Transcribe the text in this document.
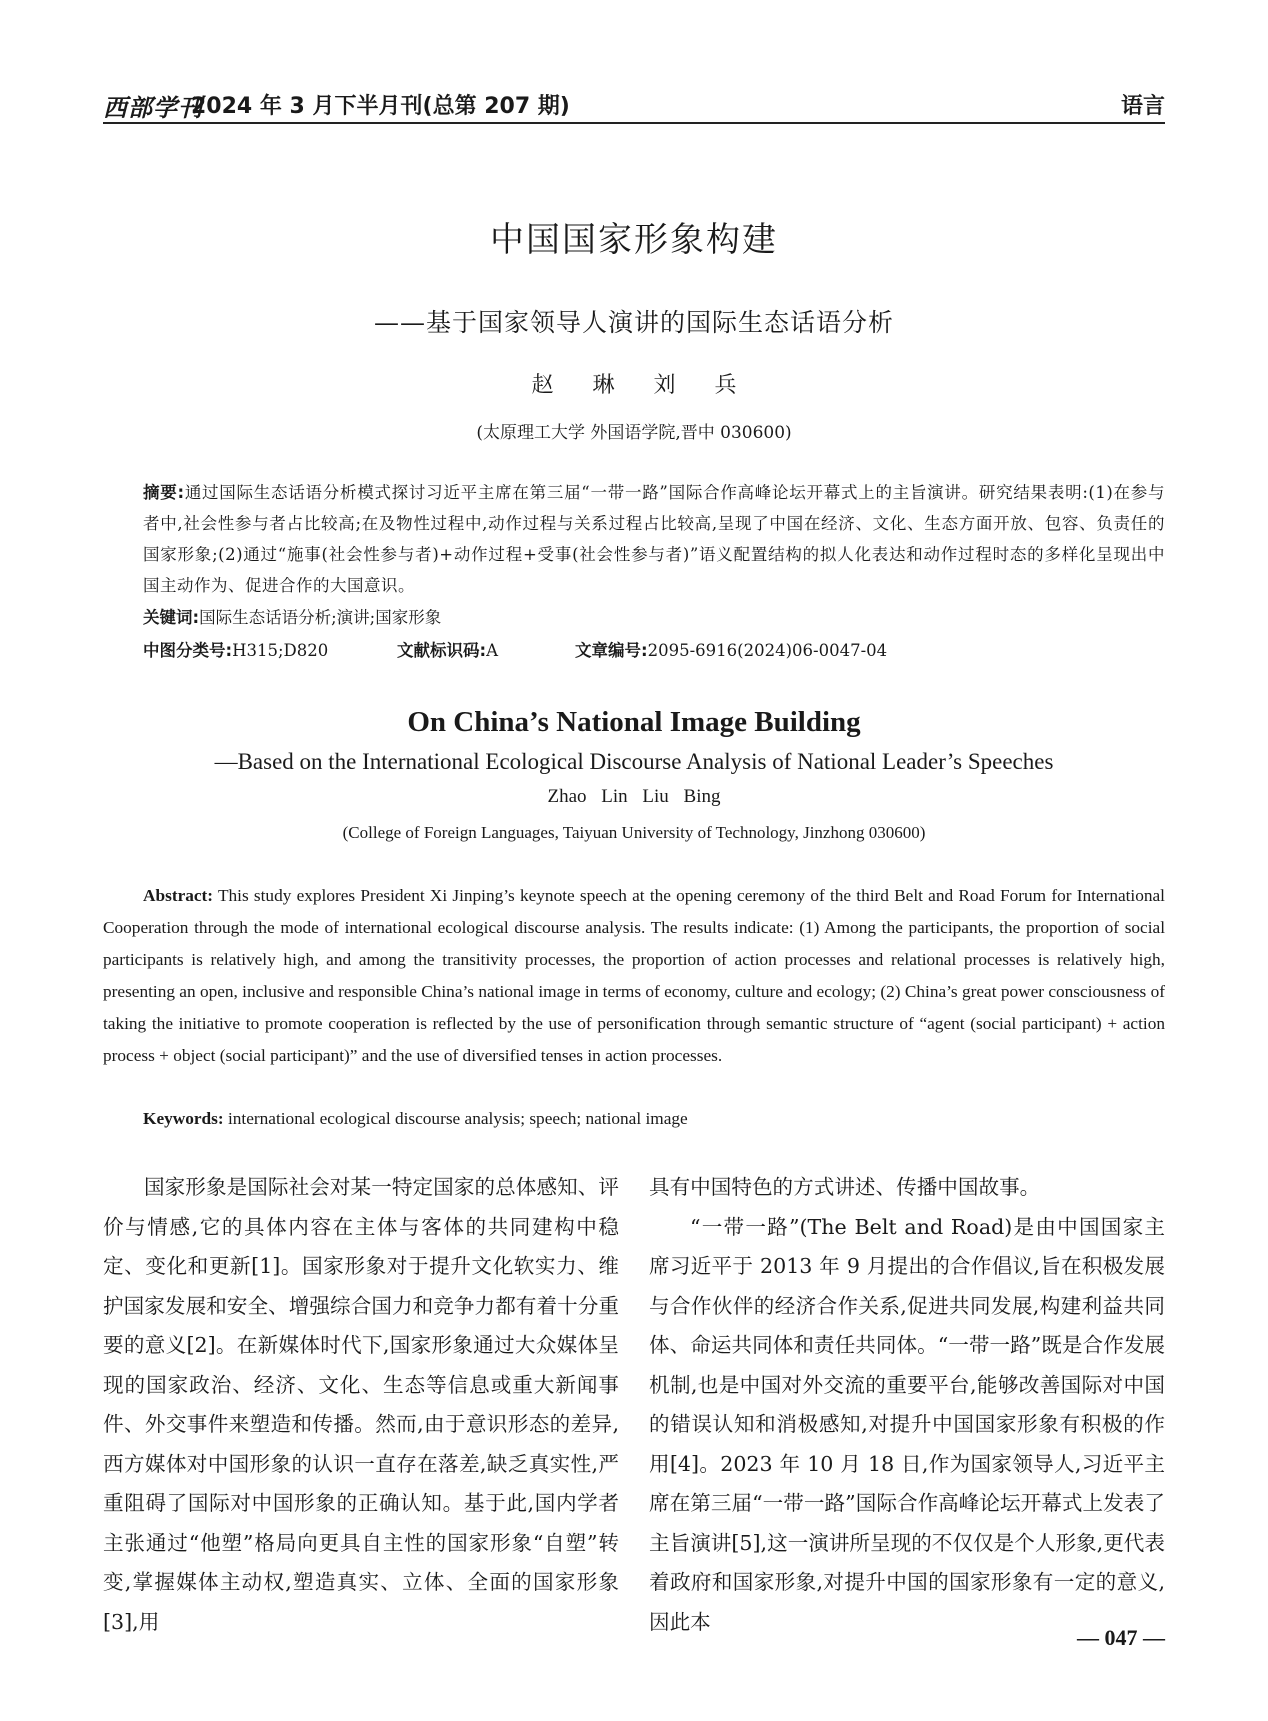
西部学刊
2024 年 3 月下半月刊(总第 207 期)	语言
中国国家形象构建
——基于国家领导人演讲的国际生态话语分析
赵 琳 刘 兵
(太原理工大学 外国语学院,晋中 030600)
摘要:通过国际生态话语分析模式探讨习近平主席在第三届“一带一路”国际合作高峰论坛开幕式上的主旨演讲。研究结果表明:(1)在参与者中,社会性参与者占比较高;在及物性过程中,动作过程与关系过程占比较高,呈现了中国在经济、文化、生态方面开放、包容、负责任的国家形象;(2)通过“施事(社会性参与者)+动作过程+受事(社会性参与者)”语义配置结构的拟人化表达和动作过程时态的多样化呈现出中国主动作为、促进合作的大国意识。
关键词:国际生态话语分析;演讲;国家形象
中图分类号:H315;D820	文献标识码:A	文章编号:2095-6916(2024)06-0047-04
On China’s National Image Building
—Based on the International Ecological Discourse Analysis of National Leader’s Speeches
Zhao Lin Liu Bing
(College of Foreign Languages, Taiyuan University of Technology, Jinzhong 030600)
Abstract: This study explores President Xi Jinping’s keynote speech at the opening ceremony of the third Belt and Road Forum for International Cooperation through the mode of international ecological discourse analysis. The results indicate: (1) Among the participants, the proportion of social participants is relatively high, and among the transitivity processes, the proportion of action processes and relational processes is relatively high, presenting an open, inclusive and responsible China’s national image in terms of economy, culture and ecology; (2) China’s great power consciousness of taking the initiative to promote cooperation is reflected by the use of personification through semantic structure of “agent (social participant) + action process + object (social participant)” and the use of diversified tenses in action processes.
Keywords: international ecological discourse analysis; speech; national image

国家形象是国际社会对某一特定国家的总体感知、评价与情感,它的具体内容在主体与客体的共同建构中稳定、变化和更新[1]。国家形象对于提升文化软实力、维护国家发展和安全、增强综合国力和竞争力都有着十分重要的意义[2]。在新媒体时代下,国家形象通过大众媒体呈现的国家政治、经济、文化、生态等信息或重大新闻事件、外交事件来塑造和传播。然而,由于意识形态的差异,西方媒体对中国形象的认识一直存在落差,缺乏真实性,严重阻碍了国际对中国形象的正确认知。基于此,国内学者主张通过“他塑”格局向更具自主性的国家形象“自塑”转变,掌握媒体主动权,塑造真实、立体、全面的国家形象[3],用

具有中国特色的方式讲述、传播中国故事。

“一带一路”(The Belt and Road)是由中国国家主席习近平于 2013 年 9 月提出的合作倡议,旨在积极发展与合作伙伴的经济合作关系,促进共同发展,构建利益共同体、命运共同体和责任共同体。“一带一路”既是合作发展机制,也是中国对外交流的重要平台,能够改善国际对中国的错误认知和消极感知,对提升中国国家形象有积极的作用[4]。2023 年 10 月 18 日,作为国家领导人,习近平主席在第三届“一带一路”国际合作高峰论坛开幕式上发表了主旨演讲[5],这一演讲所呈现的不仅仅是个人形象,更代表着政府和国家形象,对提升中国的国家形象有一定的意义,因此本

— 047 —
